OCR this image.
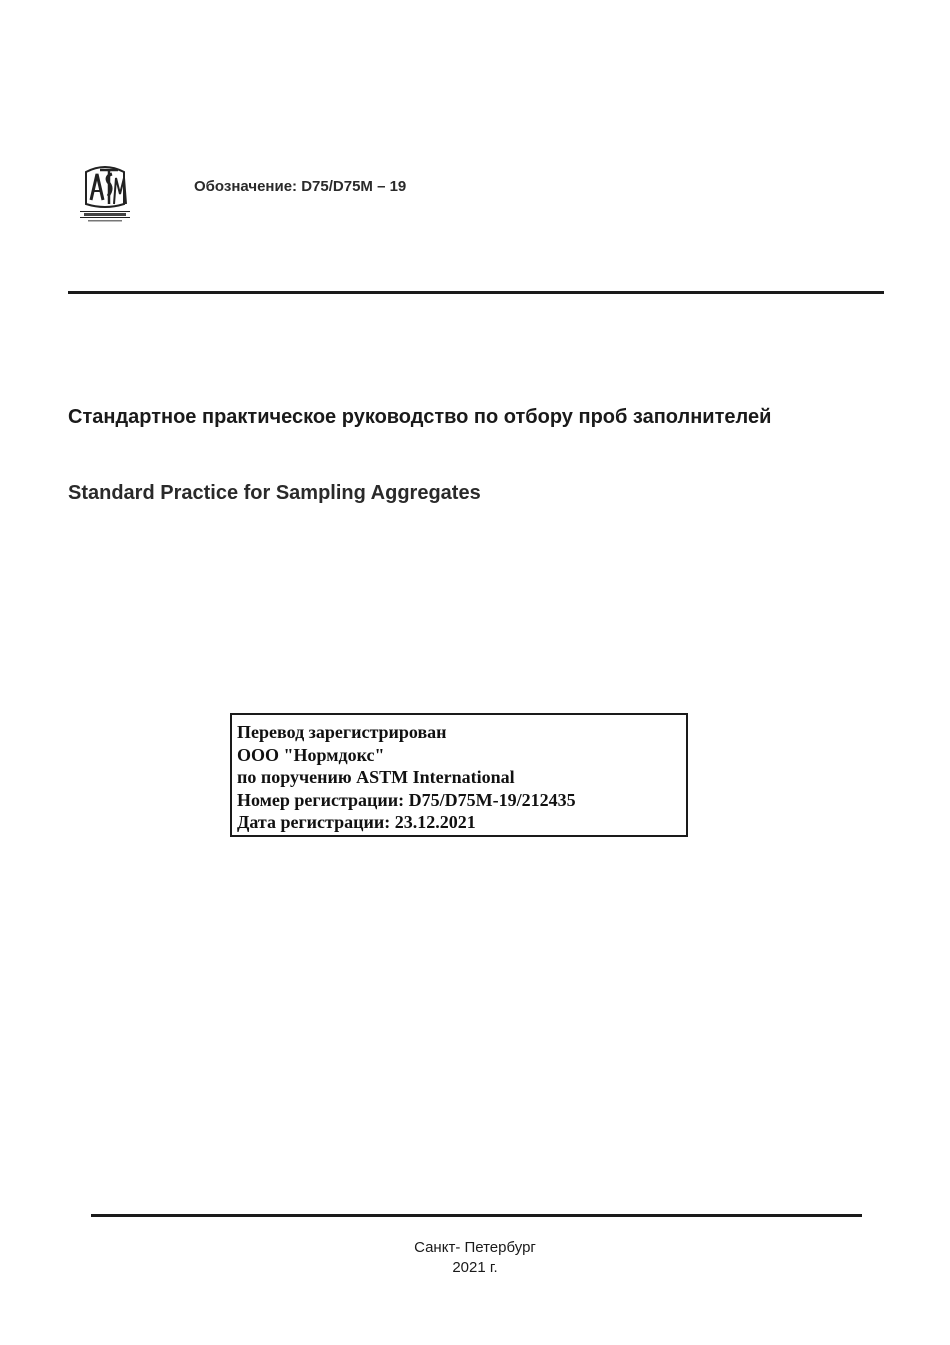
Обозначение: D75/D75M – 19
Стандартное практическое руководство по отбору проб заполнителей
Standard Practice for Sampling Aggregates
Перевод зарегистрирован
ООО "Нормдокс"
по поручению ASTM International
Номер регистрации: D75/D75M-19/212435
Дата регистрации: 23.12.2021
Санкт- Петербург
2021 г.
